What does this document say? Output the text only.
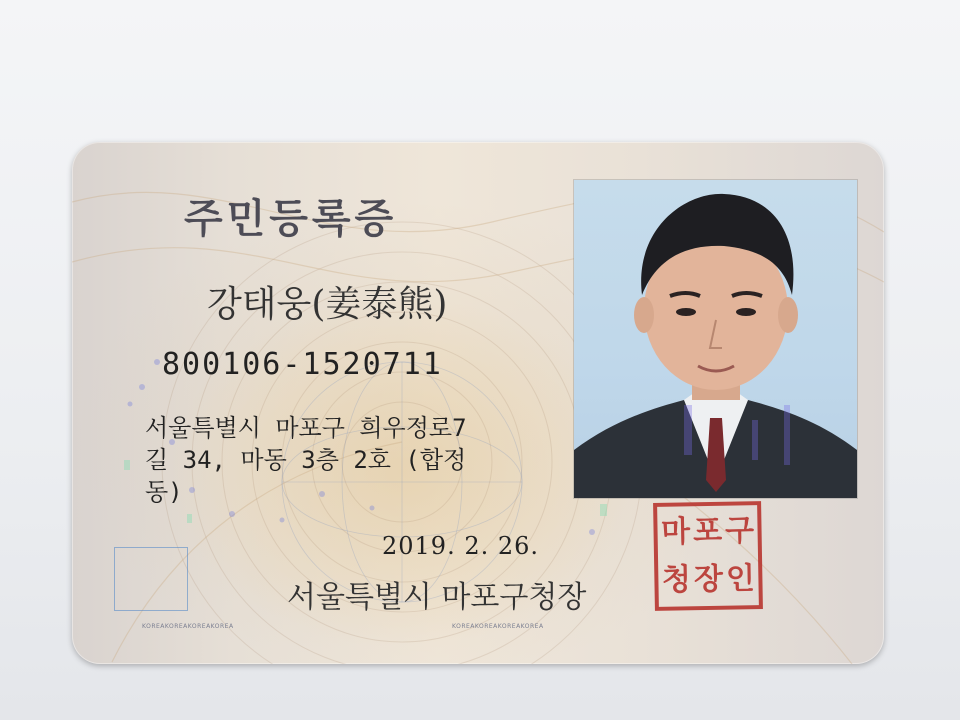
주민등록증
강태웅(姜泰熊)
800106-1520711
서울특별시 마포구 희우정로7
길 34, 마동 3층 2호 (합정
동)
2019. 2. 26.
서울특별시 마포구청장
마 포 구
청 장 인
KOREAKOREAKOREAKOREA	KOREAKOREAKOREAKOREA
